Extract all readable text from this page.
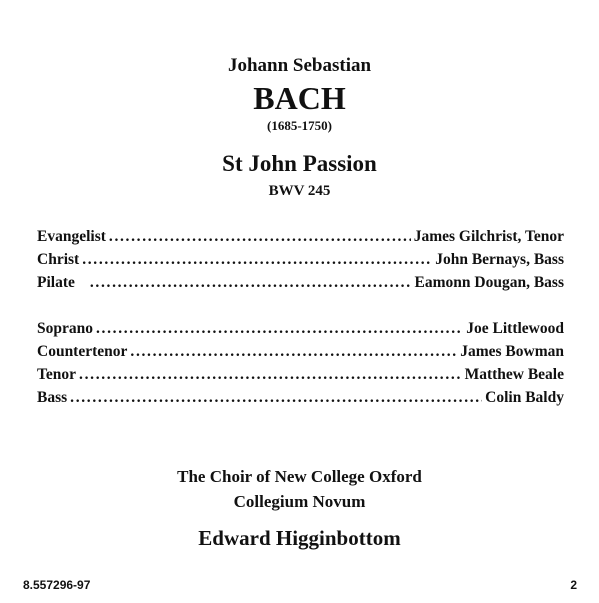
Johann Sebastian
BACH
(1685-1750)
St John Passion
BWV 245
Evangelist . . .	James Gilchrist, Tenor
Christ . . .	John Bernays, Bass
Pilate . . .	Eamonn Dougan, Bass
Soprano . . .	Joe Littlewood
Countertenor . . .	James Bowman
Tenor . . .	Matthew Beale
Bass . . .	Colin Baldy
The Choir of New College Oxford
Collegium Novum
Edward Higginbottom
8.557296-97	2
